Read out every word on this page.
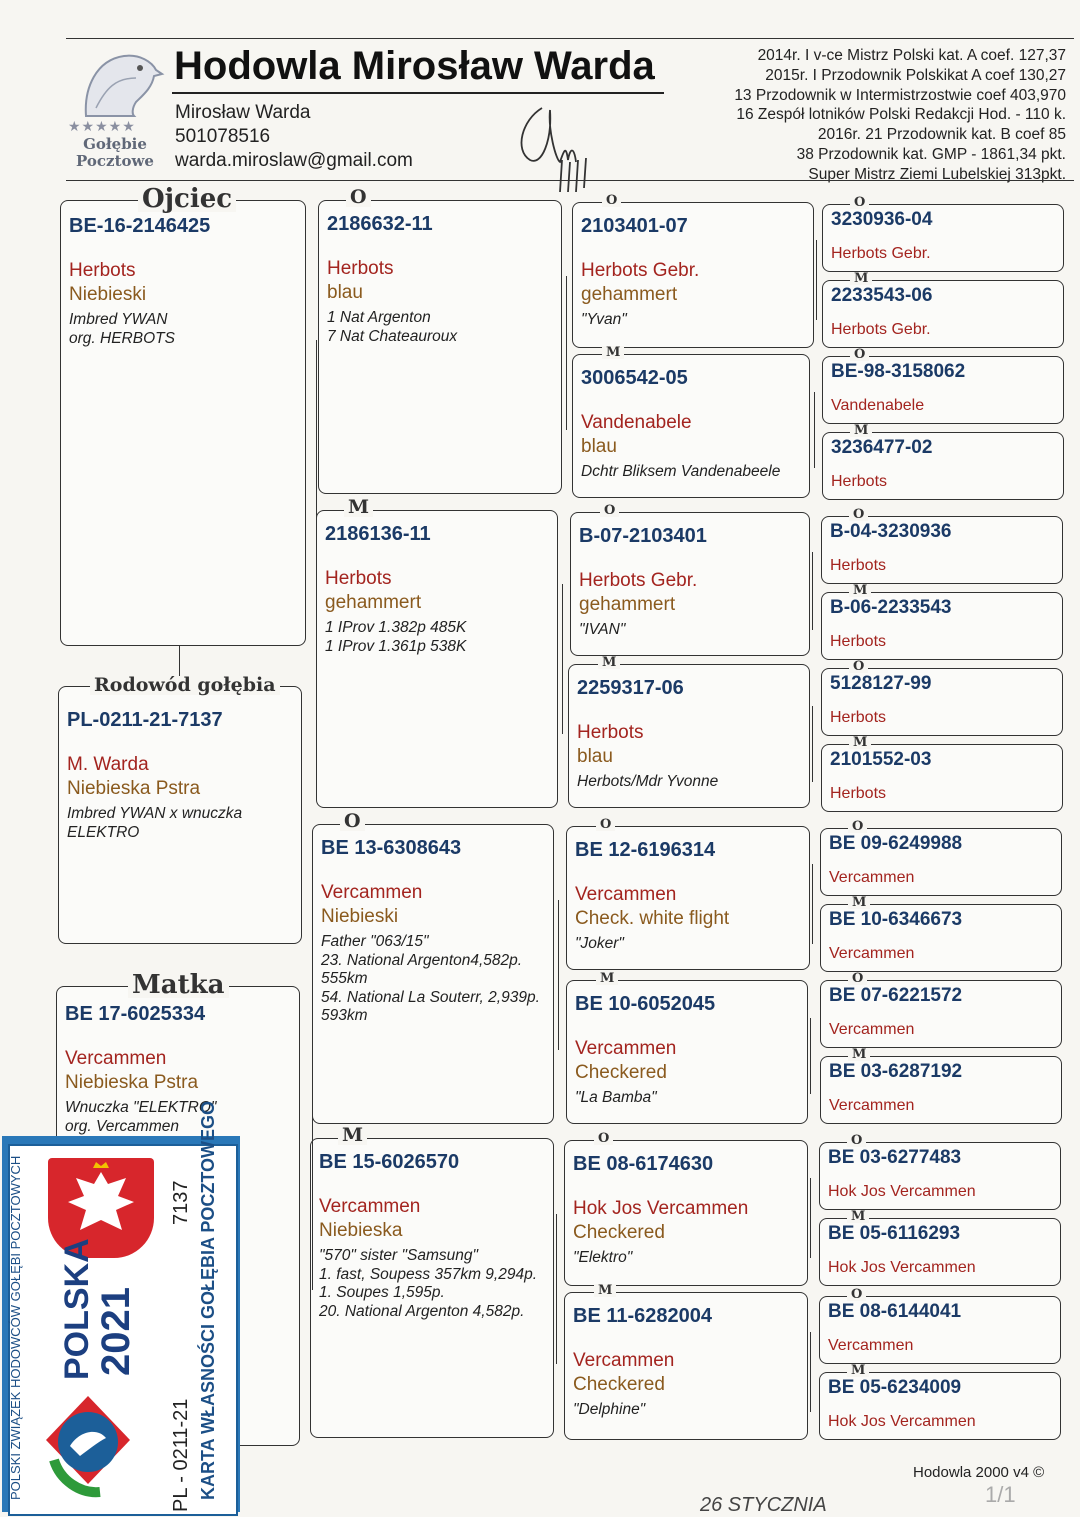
★★★★★
Gołębie
Pocztowe
Hodowla Mirosław Warda
Mirosław Warda
501078516
warda.miroslaw@gmail.com
2014r. I v-ce Mistrz Polski kat. A coef. 127,37
2015r. I Przodownik Polskikat A coef 130,27
13 Przodownik w Intermistrzostwie coef 403,970
16 Zespół lotników Polski Redakcji Hod. - 110 k.
2016r. 21 Przodownik kat. B coef 85
38 Przodownik kat. GMP - 1861,34 pkt.
Super Mistrz Ziemi Lubelskiej 313pkt.
BE-16-2146425
Herbots
Niebieski
Imbred YWAN
org. HERBOTS
Ojciec
PL-0211-21-7137
M. Warda
Niebieska Pstra
Imbred YWAN x wnuczka ELEKTRO
Rodowód gołębia
BE 17-6025334
Vercammen
Niebieska Pstra
Wnuczka "ELEKTRO"
org. Vercammen
Matka
2186632-11
Herbots
blau
1 Nat Argenton
7 Nat Chateauroux
O
2186136-11
Herbots
gehammert
1 IProv 1.382p 485K
1 IProv 1.361p 538K
M
BE 13-6308643
Vercammen
Niebieski
Father "063/15"
23. National Argenton4,582p. 555km
54. National La Souterr, 2,939p. 593km
O
BE 15-6026570
Vercammen
Niebieska
"570" sister "Samsung"
1. fast, Soupess 357km 9,294p.
1. Soupes 1,595p.
20. National Argenton 4,582p.
M
2103401-07
Herbots Gebr.
gehammert
"Yvan"
O
3006542-05
Vandenabele
blau
Dchtr Bliksem Vandenabeele
M
B-07-2103401
Herbots Gebr.
gehammert
"IVAN"
O
2259317-06
Herbots
blau
Herbots/Mdr Yvonne
M
BE 12-6196314
Vercammen
Check. white flight
"Joker"
O
BE 10-6052045
Vercammen
Checkered
"La Bamba"
M
BE 08-6174630
Hok Jos Vercammen
Checkered
"Elektro"
O
BE 11-6282004
Vercammen
Checkered
"Delphine"
M
3230936-04
Herbots Gebr.
O
2233543-06
Herbots Gebr.
M
BE-98-3158062
Vandenabele
O
3236477-02
Herbots
M
B-04-3230936
Herbots
O
B-06-2233543
Herbots
M
5128127-99
Herbots
O
2101552-03
Herbots
M
BE 09-6249988
Vercammen
O
BE 10-6346673
Vercammen
M
BE 07-6221572
Vercammen
O
BE 03-6287192
Vercammen
M
BE 03-6277483
Hok Jos Vercammen
O
BE 05-6116293
Hok Jos Vercammen
M
BE 08-6144041
Vercammen
O
BE 05-6234009
Hok Jos Vercammen
M
POLSKA
2021
7137
PL - 0211-21
POLSKI ZWIĄZEK HODOWCÓW GOŁĘBI POCZTOWYCH	KARTA WŁASNOŚCI GOŁĘBIA POCZTOWEGO	Hodowla 2000 v4 ©
1/1
26 STYCZNIA
